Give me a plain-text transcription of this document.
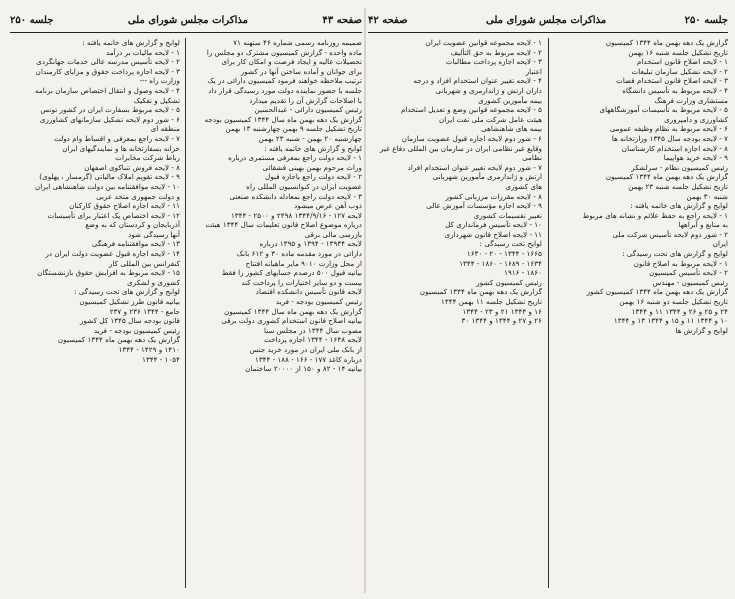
صفحه ۴۳
مذاکرات مجلس شورای ملی
جلسه ۲۵۰
ضمیمه روزنامه رسمی شماره ۴۶ ستهنه ۷۱
ماده واحده - گزارش کمیسیون مشترک دو مجلس را
تحصیلات عالیه و ایجاد فرصت و امکان کار برای
برای جوانان و آماده ساختن آنها در کشور
ترتیب ملاحظه خواهند فرمود کمیسیون دارائی در یک
جلسه با حضور نماینده دولت مورد رسیدگی قرار داد
با اصلاحات گزارش آن را تقدیم میدارد
رئیس کمیسیون دارائی - عبدالحسین
گزارش یک دهه بهمن ماه سال ۱۳۴۴ کمیسیون بودجه
تاریخ تشکیل جلسه ۹ بهمن چهارشنبه ۱۳ بهمن
چهارشنبه ۲۰ بهمن - شنبه ۲۳ بهمن
لوایح و گزارش های خاتمه یافته :
۱ - لایحه دولت راجع بمعرفی مستمری درباره
وراث مرحوم بهمن بهینی قشقائی
۲ - لایحه دولت راجع باجازه قبول
عضویت ایران در کنوانسیون المللی راه
۳ - لایحه دولت راجع بمعادله دانشکده صنعتی
ذوب آهن عرض میشود
لایحه ۱۲۷ - ۱۳۴۴/۹/۱۶ ۲۴۹۸ و ۲۵۰۰ - ۱۳۴۴
درباره موضوع اصلاح قانون تعلیمات سال ۱۳۴۴ هیئت
بازرسی مالی برقی
لایحه ۱۳۹۳۴ - ۱۳۹۴ و ۱۳۹۵ درباره
دارائی در مورد مقدمه ماده ۳۰ و ۶۱۲ بانک
از محل وزارت ۹۰۱۰ مایر ماهیانه افتتاح
بیانیه قبول ۵۰۰ درصدم حسابهای کشور را فقط
بیست و دو سایر اختیارات را پرداخت کند
لایحه قانون تأسیس دانشکده اقتصاد
رئیس کمیسیون بودجه - فرید
گزارش یک دهه بهمن ماه سال ۱۳۴۴ کمیسیون
بیانیه اصلاح قانون استخدام کشوری دولت برقی
مصوب سال ۱۳۴۴ در مجلس سنا
لایحه ۱۶۴۸ - ۱۳۴۴ اجازه پرداخت
از بانک ملی ایران در مورد خرید جنس
درباره کاغذ ۱۷۷ - ۱۶۶ - ۱۸۸ - ۱۳۴۴
بیانیه ۱۴ - ۸۲ و ۱۵۰ از ۲۰۰۰۰ ساختمان
لوایح و گزارش های خاتمه یافته :
۱ - لایحه مالیات بر درآمد
۲ - لایحه تأسیس مدرسه عالی خدمات جهانگردی
۳ - لایحه اجازه پرداخت حقوق و مزایای کارمندان
وزارت راه ---
۴ - لایحه وصول و انتقال اختصاص سازمان برنامه
تشکیل و تفکیک
۵ - لایحه مربوط بسفارت ایران در کشور تونس
۶ - شور دوم لایحه تشکیل سازمانهای کشاورزی
منطقه ای
۷ - لایحه راجع بمعرفی و اقساط وام دولت
خزانه بسفارتخانه ها و نمایندگیهای ایران
رباط شرکت مخابرات
۸ - لایحه فروش تنباکوی اصفهان
۹ - لایحه تقویم املاک مالیاتی (گرمسار ، پهلوی)
۱۰ - لایحه موافقتنامه بین دولت شاهنشاهی ایران
و دولت جمهوری متحد عربی
۱۱ - لایحه اجازه اصلاح حقوق کارکنان
۱۲ - لایحه اختصاص یک اعتبار برای تأسیسات
آذربایجان و کردستان که به وضع
آنها رسیدگی شود
۱۳ - لایحه موافقتنامه فرهنگی
۱۴ - لایحه اجازه قبول عضویت دولت ایران در
کنفرانس بین المللی کار
۱۵ - لایحه مربوط به افزایش حقوق بازنشستگان
کشوری و لشکری
لوایح و گزارش های تحت رسیدگی :
بیانیه قانون طرز تشکیل کمیسیون
جامع - ۱۳۴۴ ۲۳۶ و ۲۳۷
قانون بودجه سال ۱۳۴۵ کل کشور
رئیس کمیسیون بودجه - فرید
گزارش یک دهه بهمن ماه ۱۳۴۴ کمیسیون
۱۴۱۰ و ۱۴۲۹ - ۱۳۴۴
۱۰۵۴ - ۱۳۴۴
جلسه ۲۵۰
مذاکرات مجلس شورای ملی
صفحه ۴۲
گزارش یک دهه بهمن ماه ۱۳۴۴ کمیسیون
تاریخ تشکیل جلسه شنبه ۱۶ بهمن
۱ - لایحه اصلاح قانون استخدام
۲ - لایحه تشکیل سازمان تبلیغات
۳ - لایحه اصلاح قانون استخدام قضات
۴ - لایحه مربوط به تأسیس دانشگاه
مستشاری وزارت فرهنگ
۵ - لایحه مربوط به تأسیسات آموزشگاههای
کشاورزی و دامپروری
۶ - لایحه مربوط به نظام وظیفه عمومی
۷ - لایحه بودجه سال ۱۳۴۵ وزارتخانه ها
۸ - لایحه اجازه استخدام کارشناسان
۹ - لایحه خرید هواپیما
رئیس کمیسیون نظام - سرلشکر
گزارش یک دهه بهمن ماه ۱۳۴۴ کمیسیون
تاریخ تشکیل جلسه شنبه ۲۳ بهمن
شنبه ۳۰ بهمن
لوایح و گزارش های خاتمه یافته :
۱ - لایحه راجع به حفظ علائم و نشانه های مربوط
به منابع و آبراهها
۲ - شور دوم لایحه تأسیس شرکت ملی
ایران
لوایح و گزارش های تحت رسیدگی :
۱ - لایحه مربوط به اصلاح قانون
۲ - لایحه تأسیس کمیسیون
رئیس کمیسیون - مهندس
گزارش یک دهه بهمن ماه ۱۳۴۴ کمیسیون کشور
تاریخ تشکیل جلسه دو شنبه ۱۶ بهمن
۲۴ و ۲۵ و ۲۶ و ۱۳۴۴ ۱۱ و ۱۳۴۴
۱۰ و ۱۳۴۴ ۱۱ و ۱۵ و ۱۳۴۴ ۱۳ و ۱۳۴۴
لوایح و گزارش ها
۱ - لایحه مجموعه قوانین عضویت ایران
۲ - لایحه مربوط به حق التألیف
۳ - لایحه اجازه پرداخت مطالبات
اعتبار
۴ - لایحه تغییر عنوان استخدام افراد و درجه
داران ارتش و ژاندارمری و شهربانی
بیمه مأمورین کشوری
۵ - لایحه مجموعه قوانین وضع و تعدیل استخدام
هیئت عامل شرکت ملی نفت ایران
بیمه های شاهنشاهی
۶ - شور دوم لایحه اجازه قبول عضویت سازمان
وقایع غیر نظامی ایران در سازمان بین المللی دفاع غیر
نظامی
۷ - شور دوم لایحه تغییر عنوان استخدام افراد
ارتش و ژاندارمری مأمورین شهربانی
های کشوری
۸ - لایحه مقررات مرزبانی کشور
۹ - لایحه اجازه مؤسسات آموزش عالی
تغییر تقسیمات کشوری
۱۰ - لایحه تأسیس فرمانداری کل
۱۱ - لایحه اصلاح قانون شهرداری
لوایح تحت رسیدگی :
۱۶۶۵ - ۱۳۴۴ - ۲۰ - ۱۶۳۰
۱۶۳۴ - ۱۶۸۹ - ۱۸۶۰ - ۱۳۴۴
۱۸۶۰ - ۱۹۱۶
رئیس کمیسیون کشور
گزارش یک دهه بهمن ماه ۱۳۴۴ کمیسیون
تاریخ تشکیل جلسه ۱۱ بهمن ۱۳۴۴
۱۶ و ۱۳۴۴ ۲۱ و ۲۳ - ۱۳۴۴
۲۶ و ۲۷ و ۱۳۴۴ و ۱۳۴۴ ۳۰
